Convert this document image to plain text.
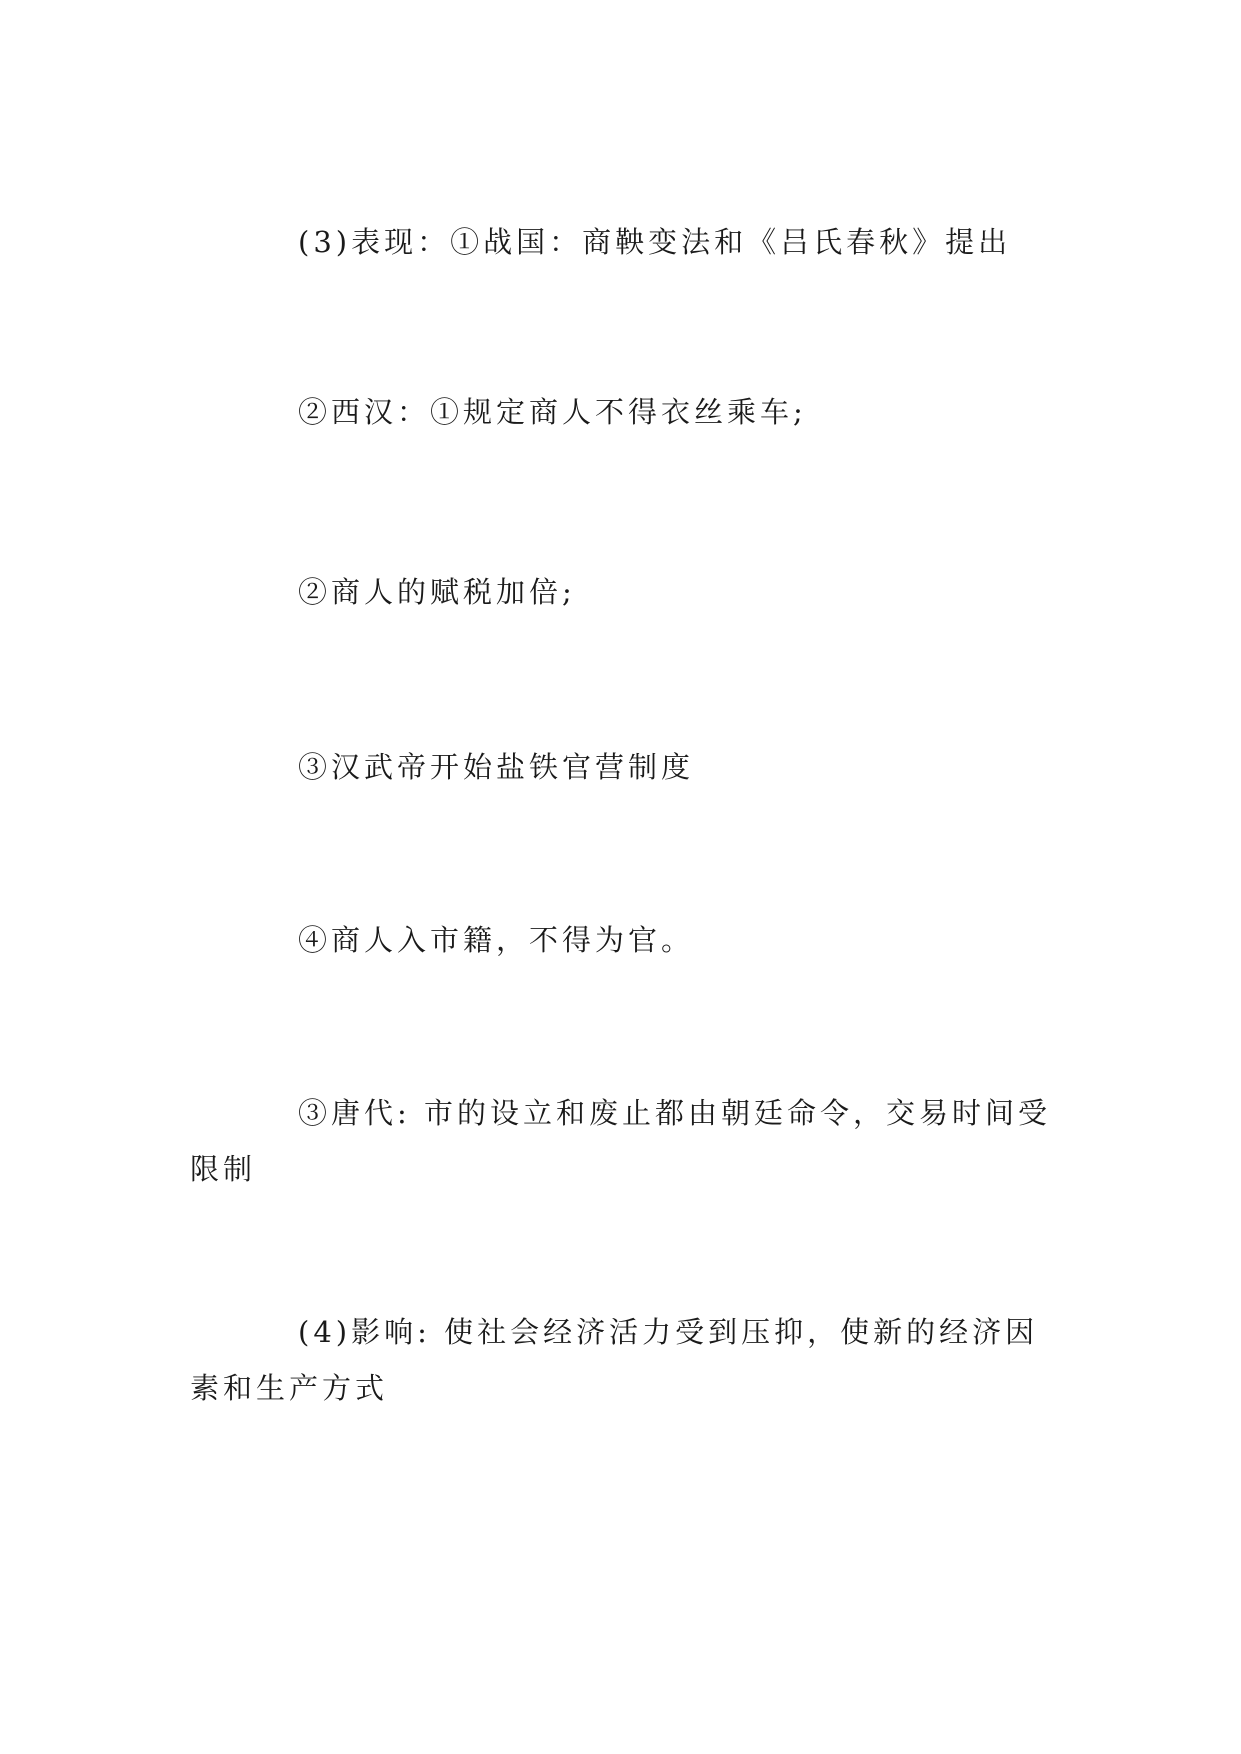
(3)表现：①战国：商鞅变法和《吕氏春秋》提出

②西汉：①规定商人不得衣丝乘车;

②商人的赋税加倍;

③汉武帝开始盐铁官营制度

④商人入市籍，不得为官。

③唐代: 市的设立和废止都由朝廷命令，交易时间受限制

(4)影响: 使社会经济活力受到压抑，使新的经济因素和生产方式
